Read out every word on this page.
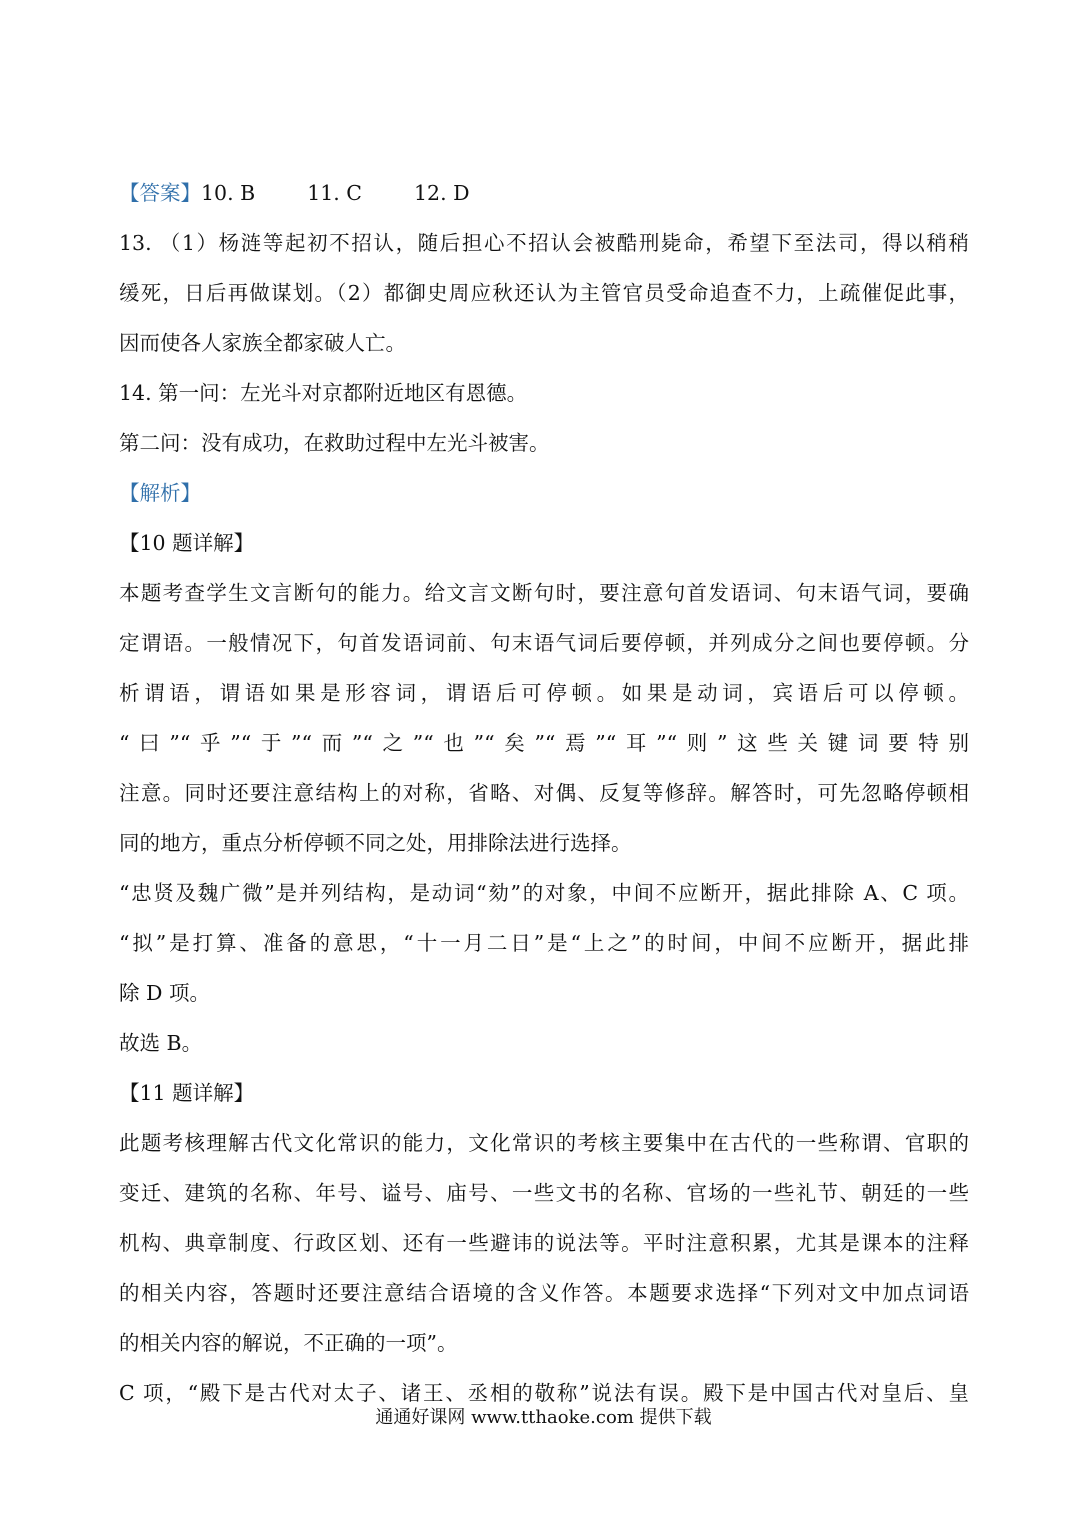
【答案】10. B	11. C	12. D
13. （1）杨涟等起初不招认，随后担心不招认会被酷刑毙命，希望下至法司，得以稍稍
缓死，日后再做谋划。（2）都御史周应秋还认为主管官员受命追查不力，上疏催促此事，
因而使各人家族全都家破人亡。
14. 第一问：左光斗对京都附近地区有恩德。
第二问：没有成功，在救助过程中左光斗被害。
【解析】
【10 题详解】
本题考查学生文言断句的能力。给文言文断句时，要注意句首发语词、句末语气词，要确
定谓语。一般情况下，句首发语词前、句末语气词后要停顿，并列成分之间也要停顿。分
析谓语，谓语如果是形容词，谓语后可停顿。如果是动词，宾语后可以停顿。
“曰”“乎”“于”“而”“之”“也”“矣”“焉”“耳”“则”这些关键词要特别
注意。同时还要注意结构上的对称，省略、对偶、反复等修辞。解答时，可先忽略停顿相
同的地方，重点分析停顿不同之处，用排除法进行选择。
“忠贤及魏广微”是并列结构，是动词“劾”的对象，中间不应断开，据此排除 A、C 项。
“拟”是打算、准备的意思，“十一月二日”是“上之”的时间，中间不应断开，据此排
除 D 项。
故选 B。
【11 题详解】
此题考核理解古代文化常识的能力，文化常识的考核主要集中在古代的一些称谓、官职的
变迁、建筑的名称、年号、谥号、庙号、一些文书的名称、官场的一些礼节、朝廷的一些
机构、典章制度、行政区划、还有一些避讳的说法等。平时注意积累，尤其是课本的注释
的相关内容，答题时还要注意结合语境的含义作答。本题要求选择“下列对文中加点词语
的相关内容的解说，不正确的一项”。
C 项，“殿下是古代对太子、诸王、丞相的敬称”说法有误。殿下是中国古代对皇后、皇
通通好课网 www.tthaoke.com 提供下载
